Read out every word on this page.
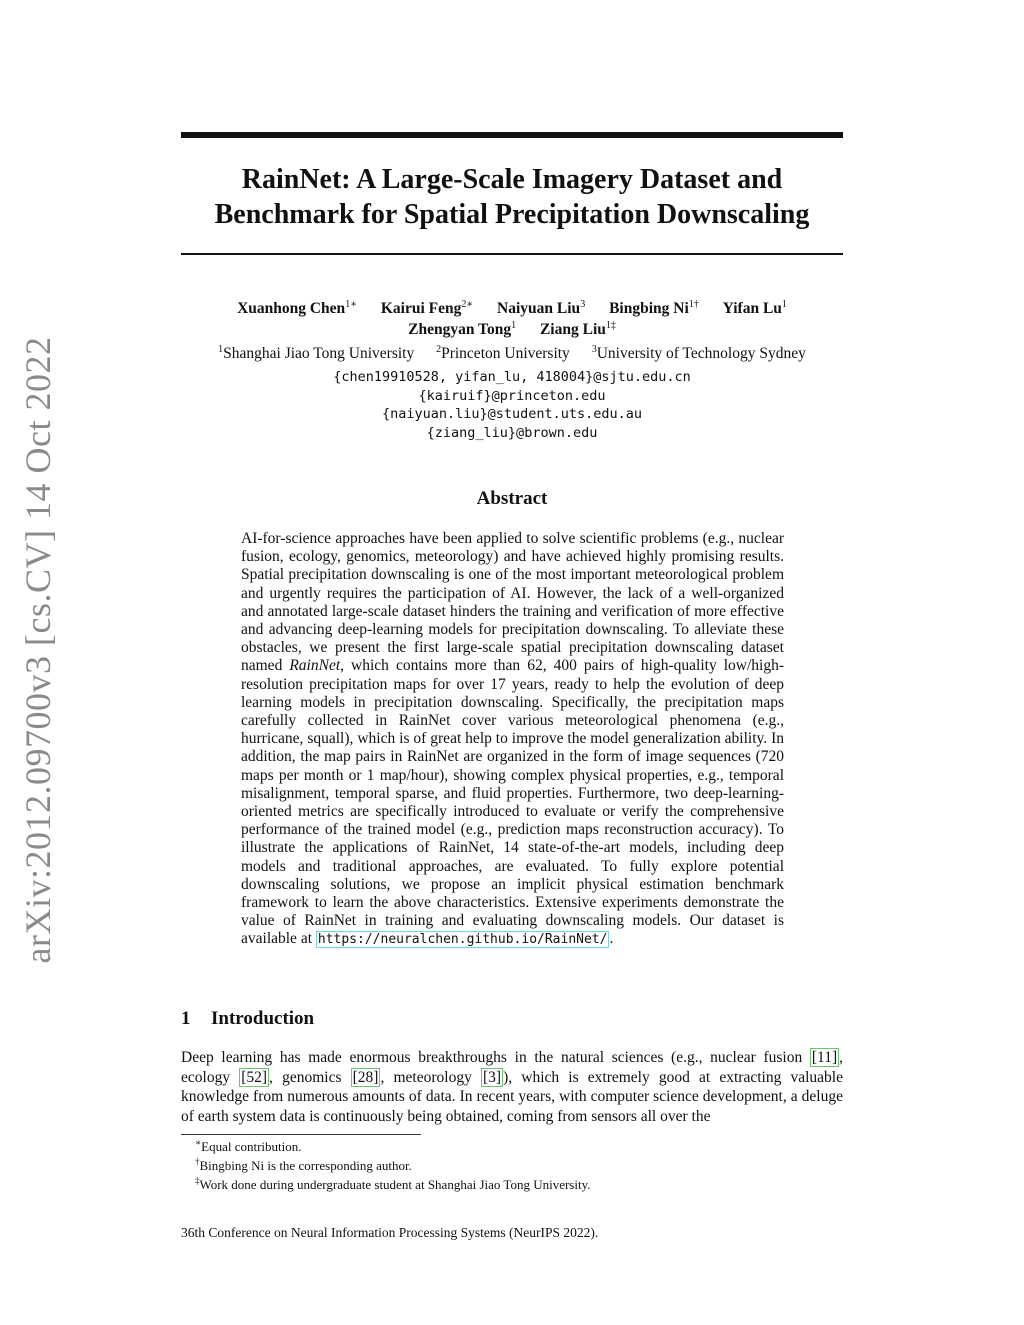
arXiv:2012.09700v3 [cs.CV] 14 Oct 2022
RainNet: A Large-Scale Imagery Dataset and
Benchmark for Spatial Precipitation Downscaling
Xuanhong Chen$^{1∗}$ Kairui Feng$^{2∗}$ Naiyuan Liu$^3$ Bingbing $Ni^{1\dagger}$ Yifan Lu$^1$
Zhengyan Tong$^1$ Ziang Liu$^{1\ddagger}$
$^1$Shanghai Jiao Tong University $^2$Princeton University $^3$University of Technology Sydney
{chen19910528, yifan_lu, 418004}@sjtu.edu.cn
{kairuif}@princeton.edu
{naiyuan.liu}@student.uts.edu.au
{ziang_liu}@brown.edu
Abstract
AI-for-science approaches have been applied to solve scientific problems (e.g., nuclear fusion, ecology, genomics, meteorology) and have achieved highly promising results. Spatial precipitation downscaling is one of the most important meteorological problem and urgently requires the participation of AI. However, the lack of a well-organized and annotated large-scale dataset hinders the training and verification of more effective and advancing deep-learning models for precipitation downscaling. To alleviate these obstacles, we present the first large-scale spatial precipitation downscaling dataset named RainNet, which contains more than 62, 400 pairs of high-quality low/high-resolution precipitation maps for over 17 years, ready to help the evolution of deep learning models in precipitation downscaling. Specifically, the precipitation maps carefully collected in RainNet cover various meteorological phenomena (e.g., hurricane, squall), which is of great help to improve the model generalization ability. In addition, the map pairs in RainNet are organized in the form of image sequences (720 maps per month or 1 map/hour), showing complex physical properties, e.g., temporal misalignment, temporal sparse, and fluid properties. Furthermore, two deep-learning-oriented metrics are specifically introduced to evaluate or verify the comprehensive performance of the trained model (e.g., prediction maps reconstruction accuracy). To illustrate the applications of RainNet, 14 state-of-the-art models, including deep models and traditional approaches, are evaluated. To fully explore potential downscaling solutions, we propose an implicit physical estimation benchmark framework to learn the above characteristics. Extensive experiments demonstrate the value of RainNet in training and evaluating downscaling models. Our dataset is available at https://neuralchen.github.io/RainNet/ .
1 Introduction
Deep learning has made enormous breakthroughs in the natural sciences (e.g., nuclear fusion [11] , ecology [52] , genomics [28] , meteorology [3] ), which is extremely good at extracting valuable knowledge from numerous amounts of data. In recent years, with computer science development, a deluge of earth system data is continuously being obtained, coming from sensors all over the
∗Equal contribution.
†Bingbing Ni is the corresponding author.
‡Work done during undergraduate student at Shanghai Jiao Tong University.
36th Conference on Neural Information Processing Systems (NeurIPS 2022).
